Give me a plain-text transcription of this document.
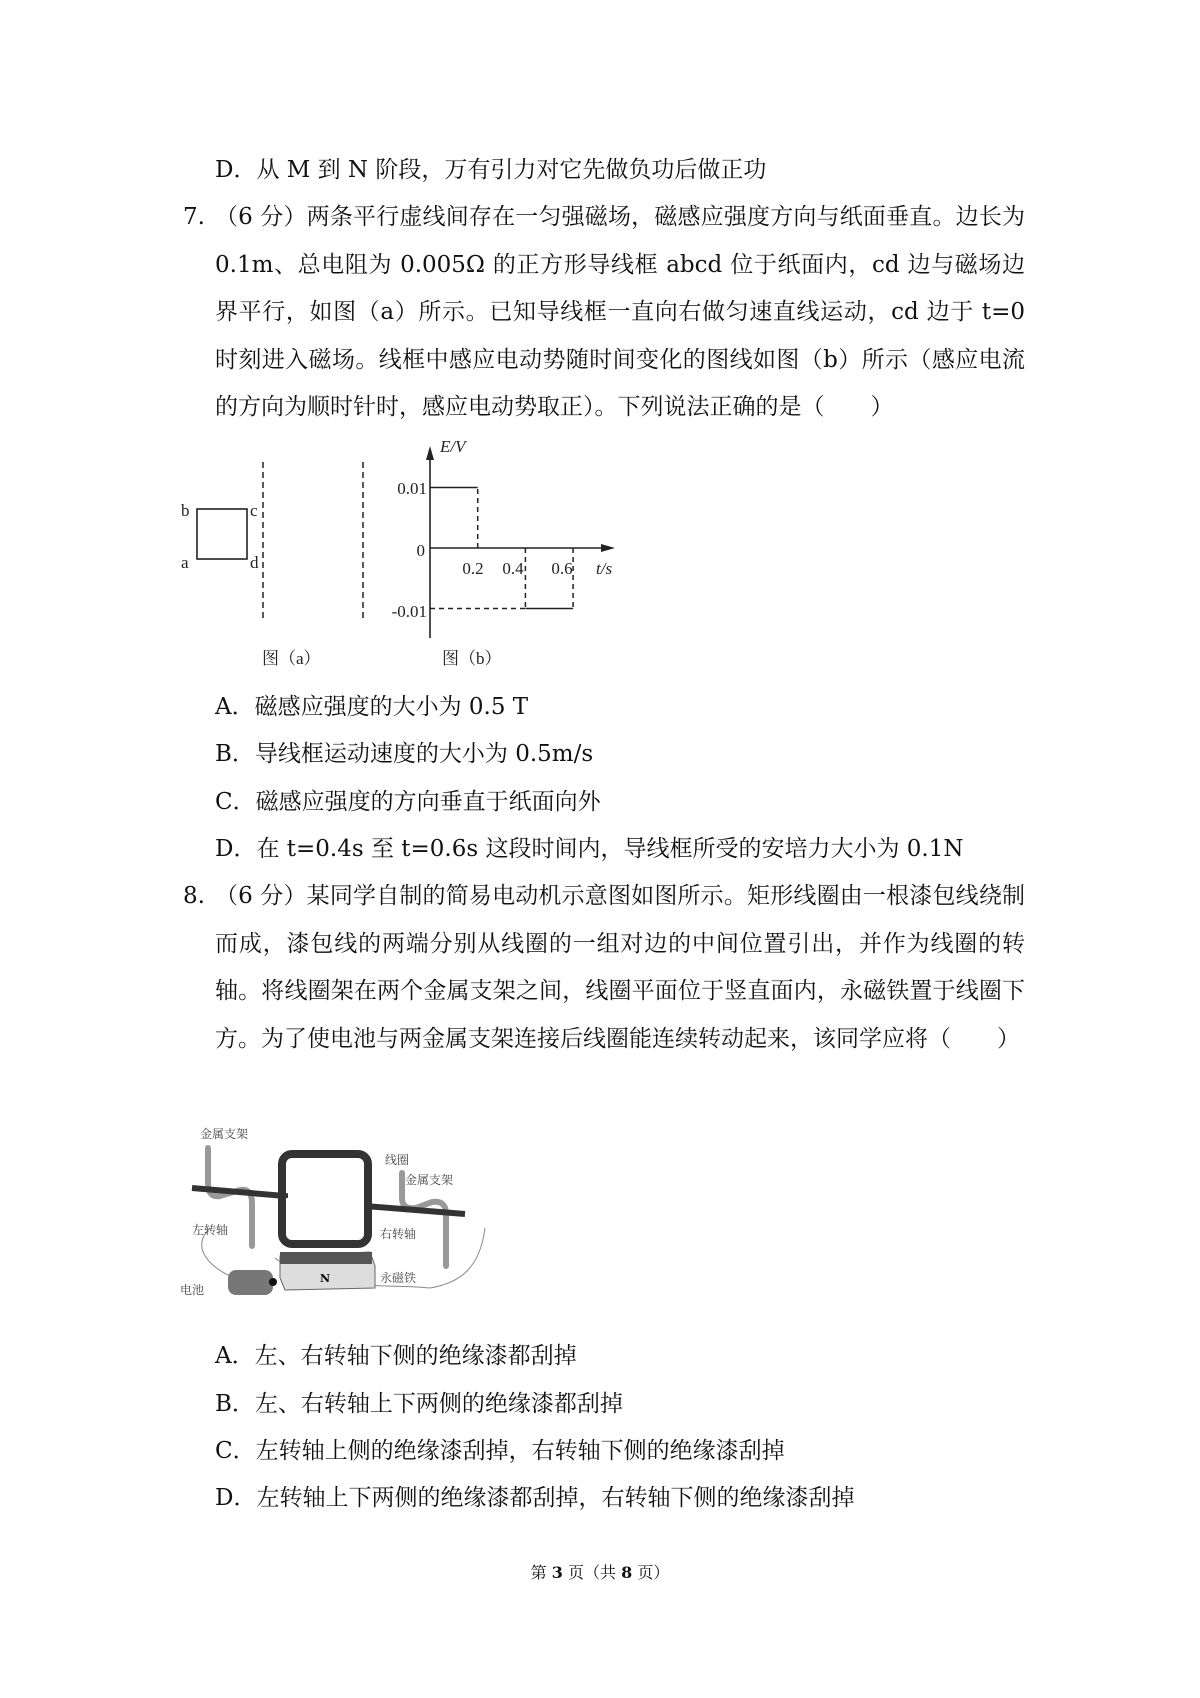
D．从 M 到 N 阶段，万有引力对它先做负功后做正功
7. （6 分）两条平行虚线间存在一匀强磁场，磁感应强度方向与纸面垂直。边长为 0.1m、总电阻为 0.005Ω 的正方形导线框 abcd 位于纸面内，cd 边与磁场边界平行，如图（a）所示。已知导线框一直向右做匀速直线运动，cd 边于 t=0 时刻进入磁场。线框中感应电动势随时间变化的图线如图（b）所示（感应电流的方向为顺时针时，感应电动势取正）。下列说法正确的是（　　）
b	c
a	d
图（a）
E/V
t/s
0.01
0
-0.01
0.2 0.4 0.6
图（b）
A．磁感应强度的大小为 0.5 T
B．导线框运动速度的大小为 0.5m/s
C．磁感应强度的方向垂直于纸面向外
D．在 t=0.4s 至 t=0.6s 这段时间内，导线框所受的安培力大小为 0.1N
8. （6 分）某同学自制的简易电动机示意图如图所示。矩形线圈由一根漆包线绕制而成，漆包线的两端分别从线圈的一组对边的中间位置引出，并作为线圈的转轴。将线圈架在两个金属支架之间，线圈平面位于竖直面内，永磁铁置于线圈下方。为了使电池与两金属支架连接后线圈能连续转动起来，该同学应将（　　）
N
金属支架
线圈
金属支架
左转轴	右转轴
永磁铁
电池
A．左、右转轴下侧的绝缘漆都刮掉
B．左、右转轴上下两侧的绝缘漆都刮掉
C．左转轴上侧的绝缘漆刮掉，右转轴下侧的绝缘漆刮掉
D．左转轴上下两侧的绝缘漆都刮掉，右转轴下侧的绝缘漆刮掉
第 3 页（共 8 页）
